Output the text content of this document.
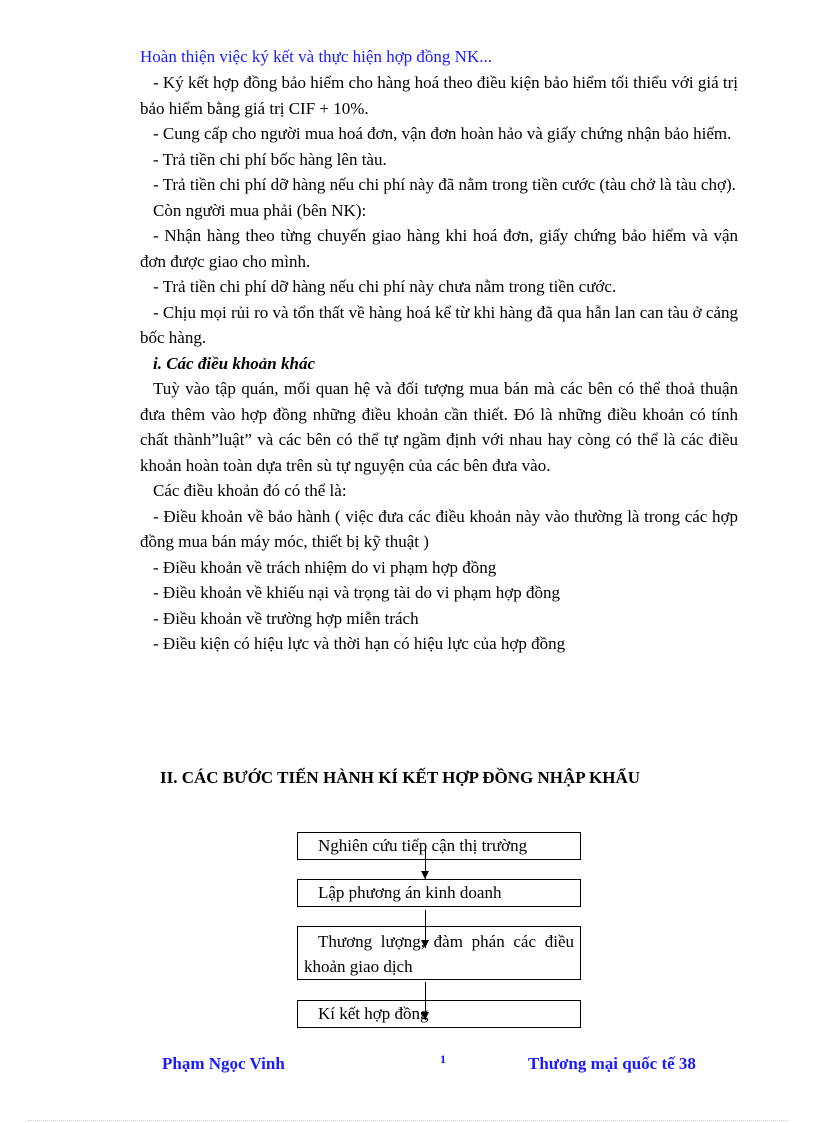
Hoàn thiện việc ký kết và thực hiện hợp đồng NK...

- Ký kết hợp đồng bảo hiểm cho hàng hoá theo điều kiện bảo hiểm tối thiểu với giá trị bảo hiểm bằng giá trị CIF + 10%.

- Cung cấp cho người mua hoá đơn, vận đơn hoàn hảo và giấy chứng nhận bảo hiểm.

- Trả tiền chi phí bốc hàng lên tàu.

- Trả tiền chi phí dỡ hàng nếu chi phí này đã nằm trong tiền cước (tàu chở là tàu chợ).

Còn người mua phải (bên NK):

- Nhận hàng theo từng chuyến giao hàng khi hoá đơn, giấy chứng bảo hiểm và vận đơn được giao cho mình.

- Trả tiền chi phí dỡ hàng nếu chi phí này chưa nằm trong tiền cước.

- Chịu mọi rủi ro và tổn thất về hàng hoá kể từ khi hàng đã qua hẫn lan can tàu ở cảng bốc hàng.

i. Các điều khoản khác

Tuỳ vào tập quán, mối quan hệ và đối tượng mua bán mà các bên có thể thoả thuận đưa thêm vào hợp đồng những điều khoản cần thiết. Đó là những điều khoản có tính chất thành”luật” và các bên có thể tự ngầm định với nhau hay còng có thể là các điều khoản hoàn toàn dựa trên sù tự nguyện của các bên đưa vào.

Các điều khoản đó có thể là:

- Điều khoản về bảo hành ( việc đưa các điều khoản này vào thường là trong các hợp đồng mua bán máy móc, thiết bị kỹ thuật )

- Điều khoản về trách nhiệm do vi phạm hợp đồng

- Điều khoản về khiếu nại và trọng tài do vi phạm hợp đồng

- Điều khoản về trường hợp miễn trách

- Điều kiện có hiệu lực và thời hạn có hiệu lực của hợp đồng

II. CÁC BƯỚC TIẾN HÀNH KÍ KẾT HỢP ĐỒNG NHẬP KHẨU
Nghiên cứu tiếp cận thị trường
Lập phương án kinh doanh
Thương lượng, đàm phán các điều khoản giao dịch
Kí kết hợp đồng
Phạm Ngọc Vinh	1	Thương mại quốc tế 38
